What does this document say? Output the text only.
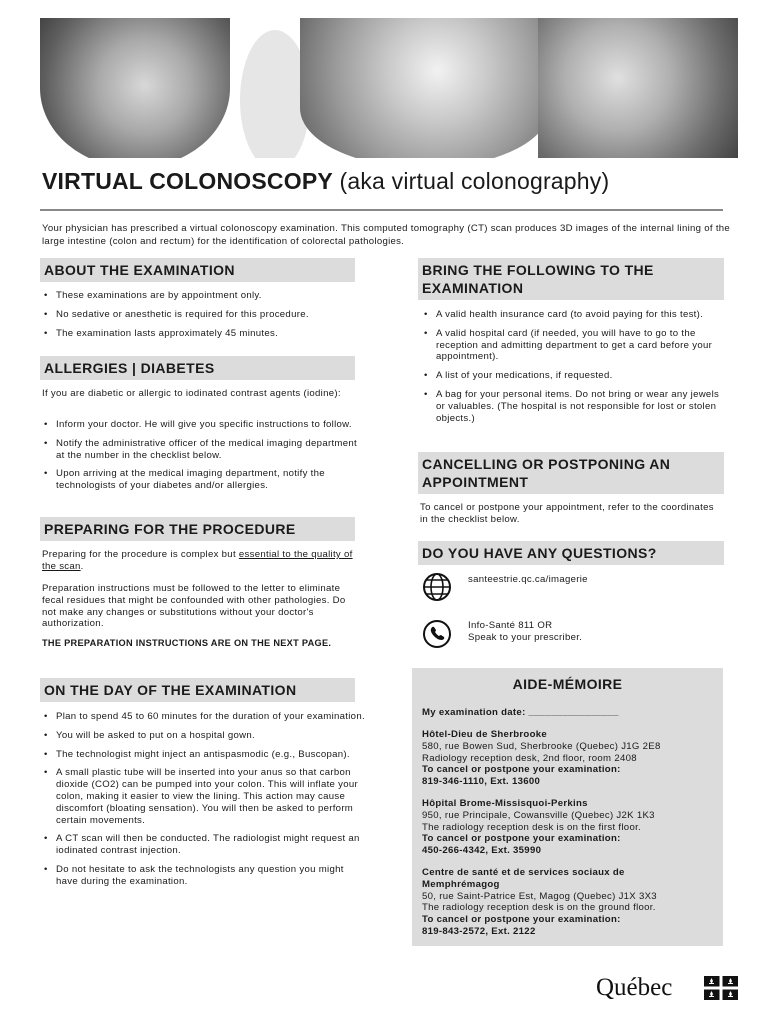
VIRTUAL COLONOSCOPY (aka virtual colonography)
Your physician has prescribed a virtual colonoscopy examination. This computed tomography (CT) scan produces 3D images of the internal lining of the large intestine (colon and rectum) for the identification of colorectal pathologies.
ABOUT THE EXAMINATION
• These examinations are by appointment only.
• No sedative or anesthetic is required for this procedure.
• The examination lasts approximately 45 minutes.
ALLERGIES | DIABETES
If you are diabetic or allergic to iodinated contrast agents (iodine):
• Inform your doctor. He will give you specific instructions to follow.
• Notify the administrative officer of the medical imaging department at the number in the checklist below.
• Upon arriving at the medical imaging department, notify the technologists of your diabetes and/or allergies.
PREPARING FOR THE PROCEDURE
Preparing for the procedure is complex but essential to the quality of the scan.
Preparation instructions must be followed to the letter to eliminate fecal residues that might be confounded with other pathologies. Do not make any changes or substitutions without your doctor's authorization.
THE PREPARATION INSTRUCTIONS ARE ON THE NEXT PAGE.
ON THE DAY OF THE EXAMINATION
• Plan to spend 45 to 60 minutes for the duration of your examination.
• You will be asked to put on a hospital gown.
• The technologist might inject an antispasmodic (e.g., Buscopan).
• A small plastic tube will be inserted into your anus so that carbon dioxide (CO2) can be pumped into your colon. This will inflate your colon, making it easier to view the lining. This action may cause discomfort (bloating sensation). You will then be asked to perform certain movements.
• A CT scan will then be conducted. The radiologist might request an iodinated contrast injection.
• Do not hesitate to ask the technologists any question you might have during the examination.
BRING THE FOLLOWING TO THE EXAMINATION
• A valid health insurance card (to avoid paying for this test).
• A valid hospital card (if needed, you will have to go to the reception and admitting department to get a card before your appointment).
• A list of your medications, if requested.
• A bag for your personal items. Do not bring or wear any jewels or valuables. (The hospital is not responsible for lost or stolen objects.)
CANCELLING OR POSTPONING AN APPOINTMENT
To cancel or postpone your appointment, refer to the coordinates in the checklist below.
DO YOU HAVE ANY QUESTIONS?
santeestrie.qc.ca/imagerie
Info-Santé 811 OR
Speak to your prescriber.
AIDE-MÉMOIRE
My examination date: ________________
Hôtel-Dieu de Sherbrooke
580, rue Bowen Sud, Sherbrooke (Quebec) J1G 2E8
Radiology reception desk, 2nd floor, room 2408
To cancel or postpone your examination:
819-346-1110, Ext. 13600
Hôpital Brome-Missisquoi-Perkins
950, rue Principale, Cowansville (Quebec) J2K 1K3
The radiology reception desk is on the first floor.
To cancel or postpone your examination:
450-266-4342, Ext. 35990
Centre de santé et de services sociaux de Memphrémagog
50, rue Saint-Patrice Est, Magog (Quebec) J1X 3X3
The radiology reception desk is on the ground floor.
To cancel or postpone your examination:
819-843-2572, Ext. 2122
Québec
